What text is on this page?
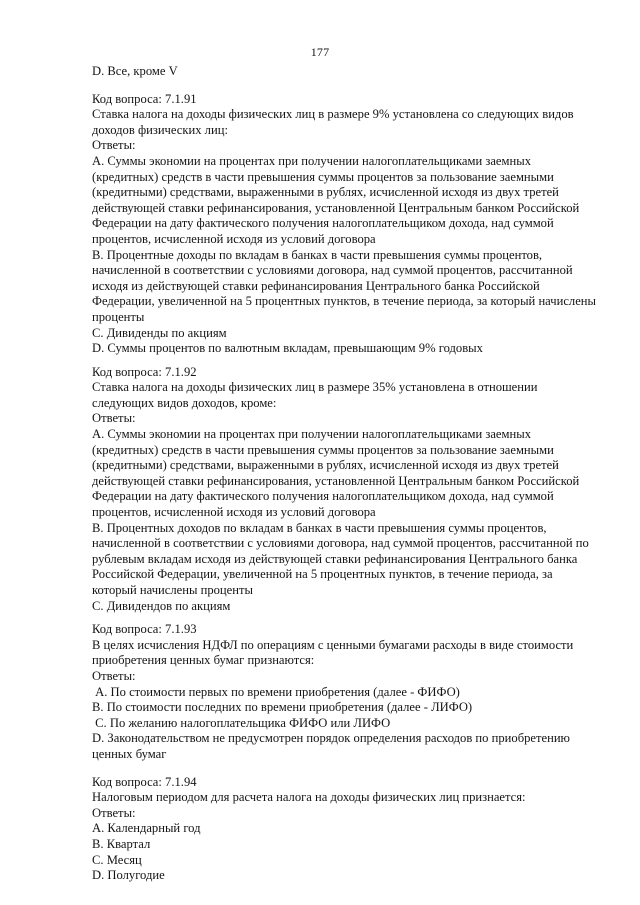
177
D. Все, кроме V
Код вопроса: 7.1.91
Ставка налога на доходы физических лиц в размере 9% установлена со следующих видов
доходов физических лиц:
Ответы:
А. Суммы экономии на процентах при получении налогоплательщиками заемных
(кредитных) средств в части превышения суммы процентов за пользование заемными
(кредитными) средствами, выраженными в рублях, исчисленной исходя из двух третей
действующей ставки рефинансирования, установленной Центральным банком Российской
Федерации на дату фактического получения налогоплательщиком дохода, над суммой
процентов, исчисленной исходя из условий договора
В. Процентные доходы по вкладам в банках в части превышения суммы процентов,
начисленной в соответствии с условиями договора, над суммой процентов, рассчитанной
исходя из действующей ставки рефинансирования Центрального банка Российской
Федерации, увеличенной на 5 процентных пунктов, в течение периода, за который начислены
проценты
С. Дивиденды по акциям
D. Суммы процентов по валютным вкладам, превышающим 9% годовых
Код вопроса: 7.1.92
Ставка налога на доходы физических лиц в размере 35% установлена в отношении
следующих видов доходов, кроме:
Ответы:
А. Суммы экономии на процентах при получении налогоплательщиками заемных
(кредитных) средств в части превышения суммы процентов за пользование заемными
(кредитными) средствами, выраженными в рублях, исчисленной исходя из двух третей
действующей ставки рефинансирования, установленной Центральным банком Российской
Федерации на дату фактического получения налогоплательщиком дохода, над суммой
процентов, исчисленной исходя из условий договора
В. Процентных доходов по вкладам в банках в части превышения суммы процентов,
начисленной в соответствии с условиями договора, над суммой процентов, рассчитанной по
рублевым вкладам исходя из действующей ставки рефинансирования Центрального банка
Российской Федерации, увеличенной на 5 процентных пунктов, в течение периода, за
который начислены проценты
С. Дивидендов по акциям
Код вопроса: 7.1.93
В целях исчисления НДФЛ по операциям с ценными бумагами расходы в виде стоимости
приобретения ценных бумаг признаются:
Ответы:
А. По стоимости первых по времени приобретения (далее - ФИФО)
В. По стоимости последних по времени приобретения (далее - ЛИФО)
С. По желанию налогоплательщика ФИФО или ЛИФО
D. Законодательством не предусмотрен порядок определения расходов по приобретению
ценных бумаг
Код вопроса: 7.1.94
Налоговым периодом для расчета налога на доходы физических лиц признается:
Ответы:
А. Календарный год
В. Квартал
С. Месяц
D. Полугодие
